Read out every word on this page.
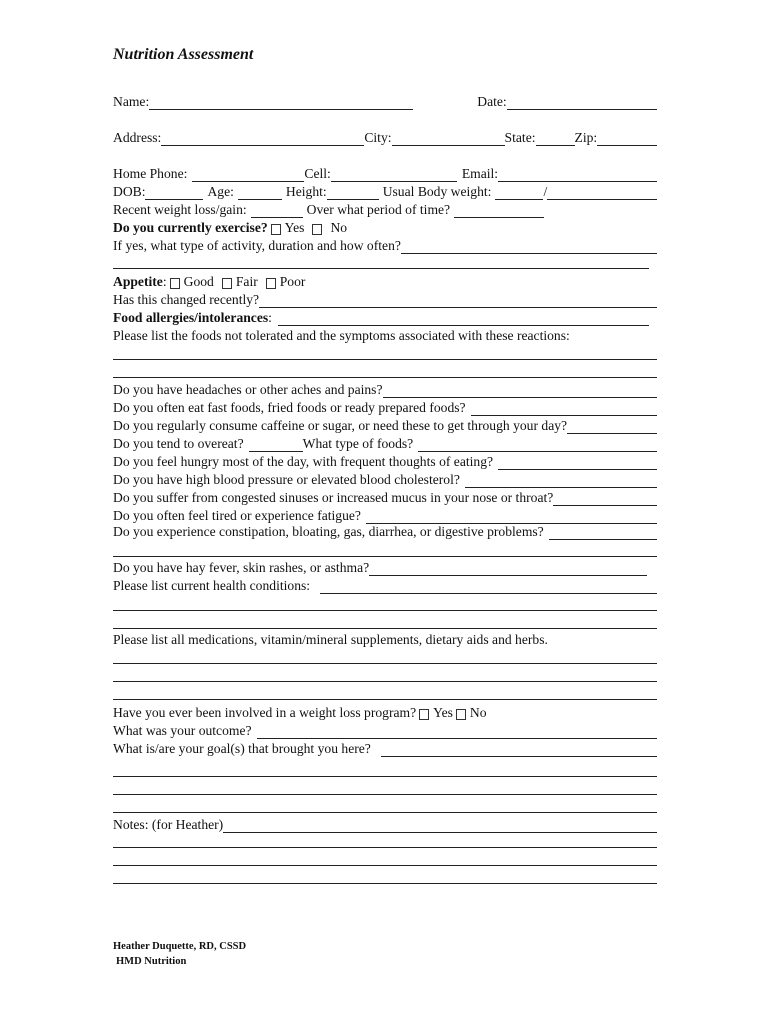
Nutrition Assessment
Name:	Date:
Address:	City:	State:	Zip:
Home Phone:	Cell:	Email:
DOB:	Age:	Height:	Usual Body weight:	/
Recent weight loss/gain:	Over what period of time?
Do you currently exercise? Yes No
If yes, what type of activity, duration and how often?
Appetite : Good Fair Poor
Has this changed recently?
Food allergies/intolerances :
Please list the foods not tolerated and the symptoms associated with these reactions:
Do you have headaches or other aches and pains?
Do you often eat fast foods, fried foods or ready prepared foods?
Do you regularly consume caffeine or sugar, or need these to get through your day?
Do you tend to overeat?	What type of foods?
Do you feel hungry most of the day, with frequent thoughts of eating?
Do you have high blood pressure or elevated blood cholesterol?
Do you suffer from congested sinuses or increased mucus in your nose or throat?
Do you often feel tired or experience fatigue?
Do you experience constipation, bloating, gas, diarrhea, or digestive problems?
Do you have hay fever, skin rashes, or asthma?
Please list current health conditions:
Please list all medications, vitamin/mineral supplements, dietary aids and herbs.
Have you ever been involved in a weight loss program? Yes No
What was your outcome?
What is/are your goal(s) that brought you here?
Notes: (for Heather)
Heather Duquette, RD, CSSD
HMD Nutrition
